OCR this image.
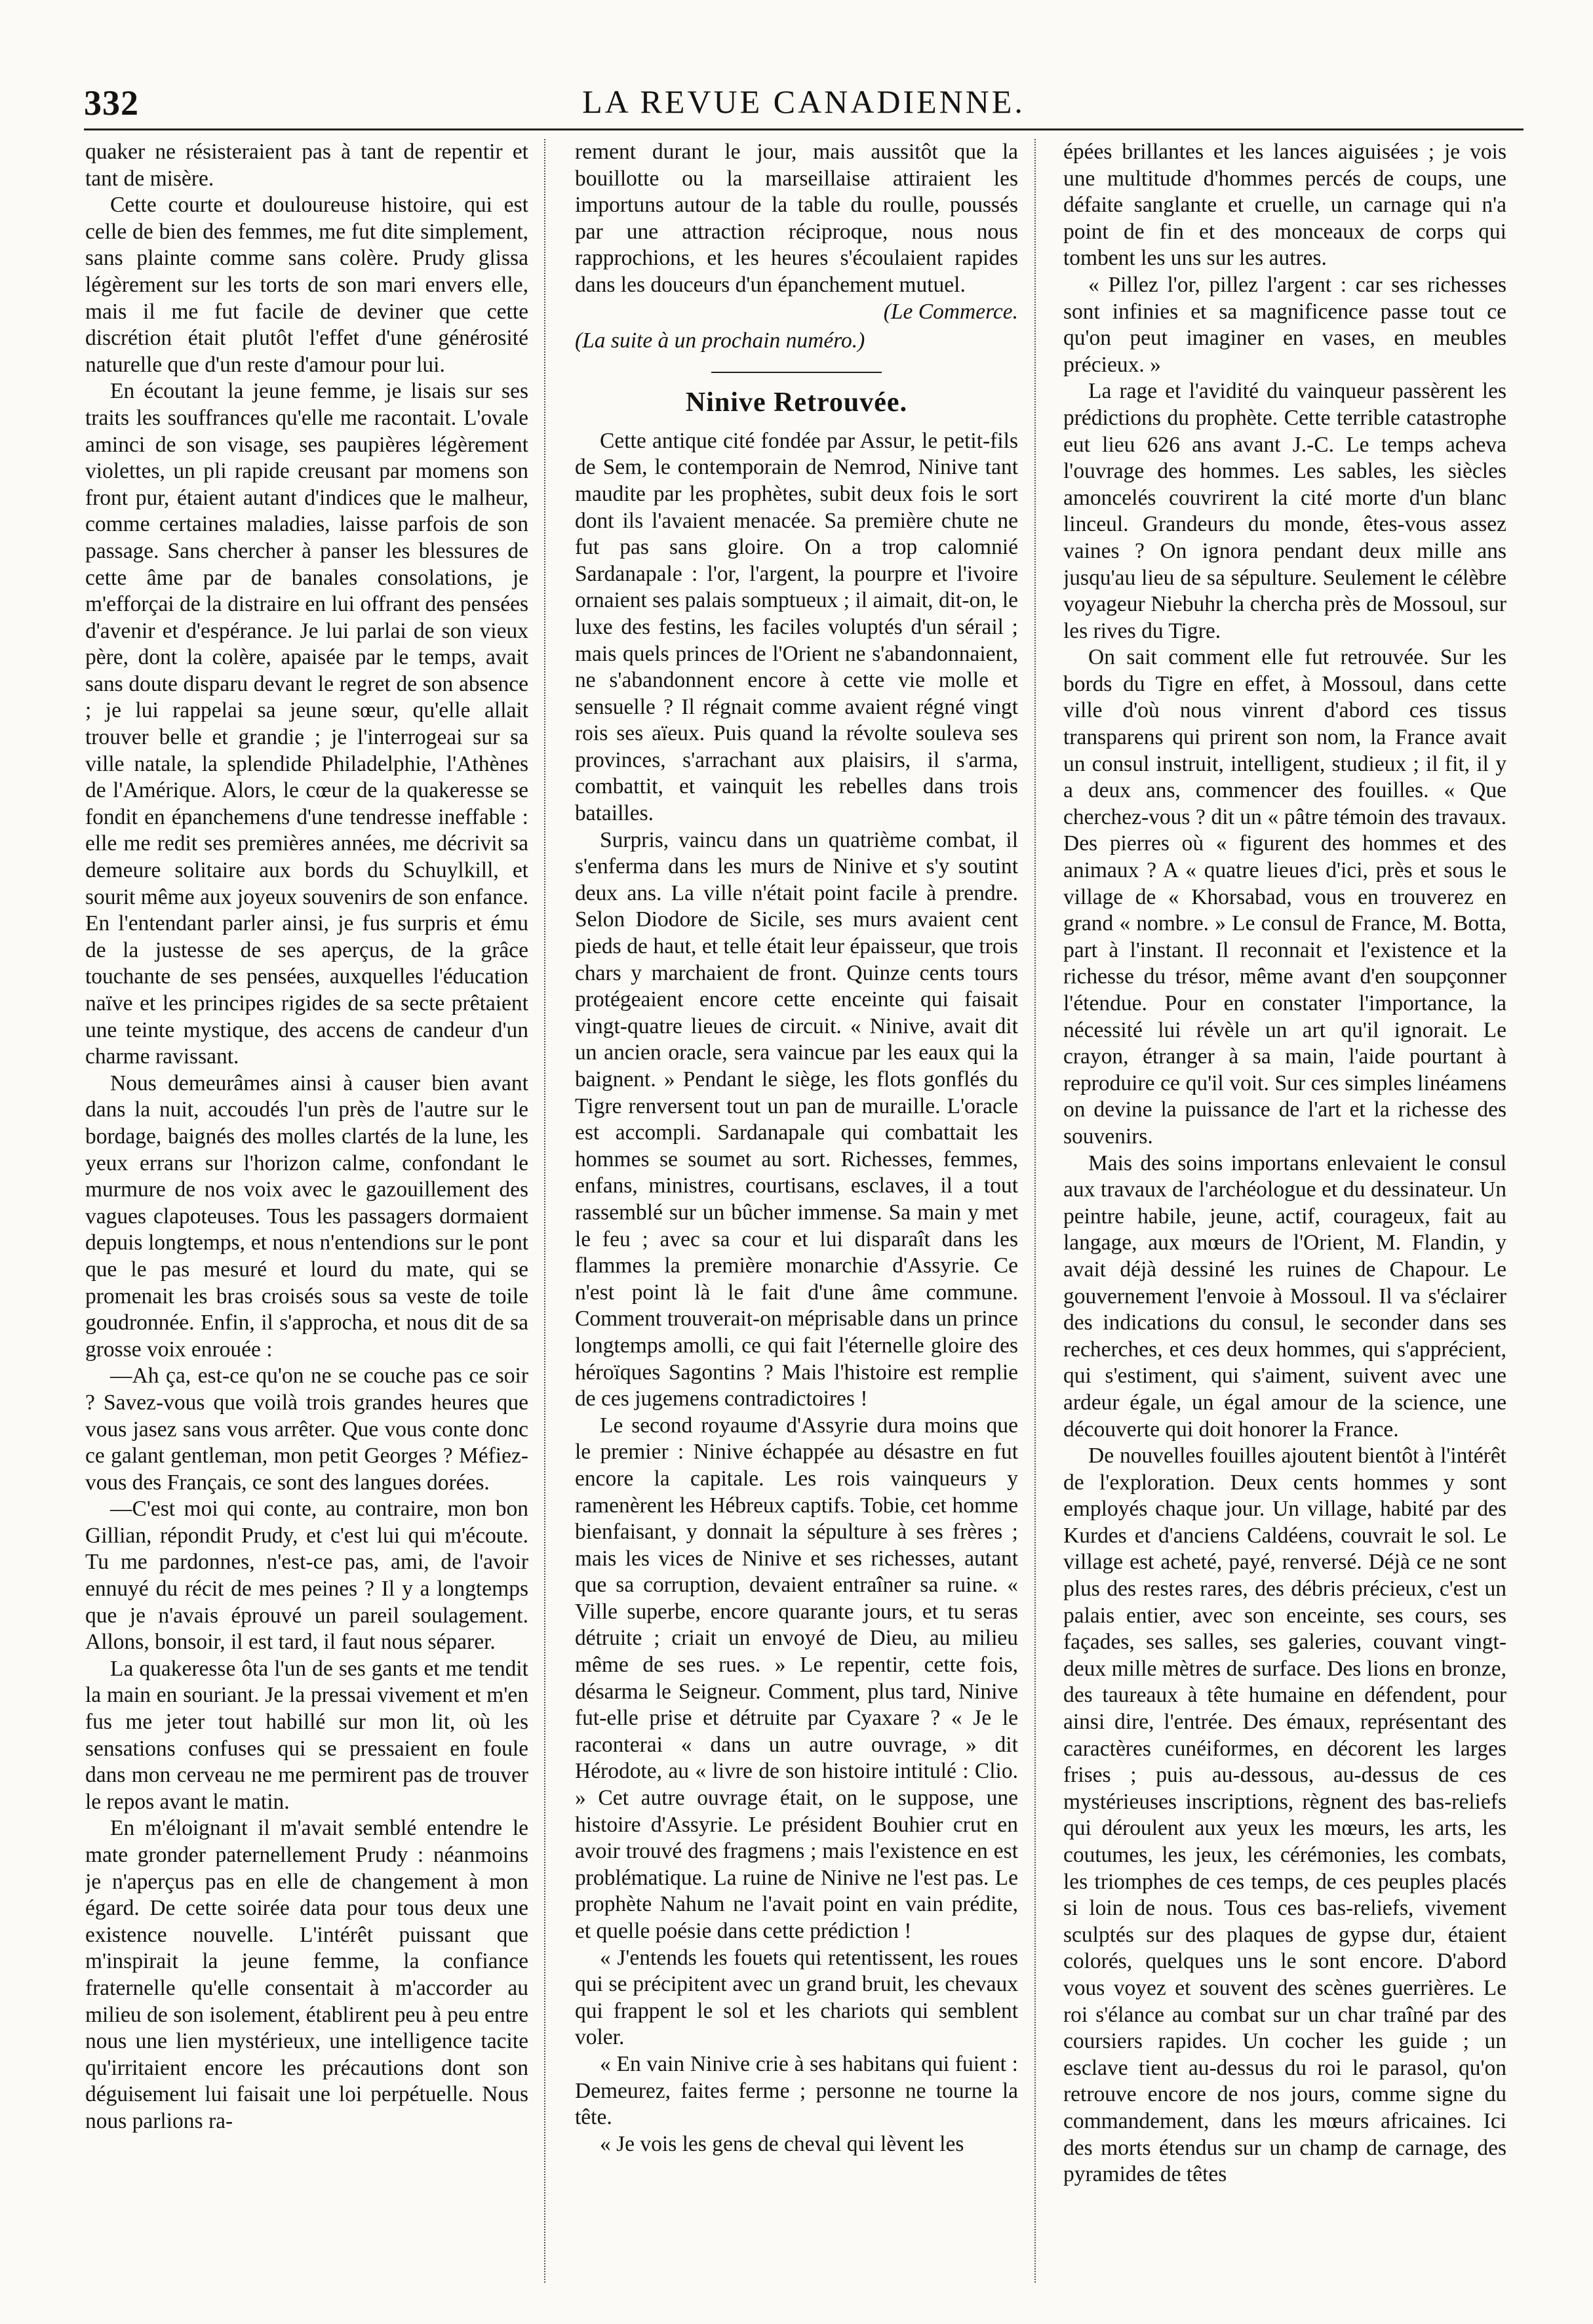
332	LA REVUE CANADIENNE.

quaker ne résisteraient pas à tant de repentir et tant de misère.

Cette courte et douloureuse histoire, qui est celle de bien des femmes, me fut dite simplement, sans plainte comme sans colère. Prudy glissa légèrement sur les torts de son mari envers elle, mais il me fut facile de deviner que cette discrétion était plutôt l'effet d'une générosité naturelle que d'un reste d'amour pour lui.

En écoutant la jeune femme, je lisais sur ses traits les souffrances qu'elle me racontait. L'ovale aminci de son visage, ses paupières légèrement violettes, un pli rapide creusant par momens son front pur, étaient autant d'indices que le malheur, comme certaines maladies, laisse parfois de son passage. Sans chercher à panser les blessures de cette âme par de banales consolations, je m'efforçai de la distraire en lui offrant des pensées d'avenir et d'espérance. Je lui parlai de son vieux père, dont la colère, apaisée par le temps, avait sans doute disparu devant le regret de son absence ; je lui rappelai sa jeune sœur, qu'elle allait trouver belle et grandie ; je l'interrogeai sur sa ville natale, la splendide Philadelphie, l'Athènes de l'Amérique. Alors, le cœur de la quakeresse se fondit en épanchemens d'une tendresse ineffable : elle me redit ses premières années, me décrivit sa demeure solitaire aux bords du Schuylkill, et sourit même aux joyeux souvenirs de son enfance. En l'entendant parler ainsi, je fus surpris et ému de la justesse de ses aperçus, de la grâce touchante de ses pensées, auxquelles l'éducation naïve et les principes rigides de sa secte prêtaient une teinte mystique, des accens de candeur d'un charme ravissant.

Nous demeurâmes ainsi à causer bien avant dans la nuit, accoudés l'un près de l'autre sur le bordage, baignés des molles clartés de la lune, les yeux errans sur l'horizon calme, confondant le murmure de nos voix avec le gazouillement des vagues clapoteuses. Tous les passagers dormaient depuis longtemps, et nous n'entendions sur le pont que le pas mesuré et lourd du mate, qui se promenait les bras croisés sous sa veste de toile goudronnée. Enfin, il s'approcha, et nous dit de sa grosse voix enrouée :

—Ah ça, est-ce qu'on ne se couche pas ce soir ? Savez-vous que voilà trois grandes heures que vous jasez sans vous arrêter. Que vous conte donc ce galant gentleman, mon petit Georges ? Méfiez-vous des Français, ce sont des langues dorées.

—C'est moi qui conte, au contraire, mon bon Gillian, répondit Prudy, et c'est lui qui m'écoute. Tu me pardonnes, n'est-ce pas, ami, de l'avoir ennuyé du récit de mes peines ? Il y a longtemps que je n'avais éprouvé un pareil soulagement. Allons, bonsoir, il est tard, il faut nous séparer.

La quakeresse ôta l'un de ses gants et me tendit la main en souriant. Je la pressai vivement et m'en fus me jeter tout habillé sur mon lit, où les sensations confuses qui se pressaient en foule dans mon cerveau ne me permirent pas de trouver le repos avant le matin.

En m'éloignant il m'avait semblé entendre le mate gronder paternellement Prudy : néanmoins je n'aperçus pas en elle de changement à mon égard. De cette soirée data pour tous deux une existence nouvelle. L'intérêt puissant que m'inspirait la jeune femme, la confiance fraternelle qu'elle consentait à m'accorder au milieu de son isolement, établirent peu à peu entre nous une lien mystérieux, une intelligence tacite qu'irritaient encore les précautions dont son déguisement lui faisait une loi perpétuelle. Nous nous parlions ra-

rement durant le jour, mais aussitôt que la bouillotte ou la marseillaise attiraient les importuns autour de la table du roulle, poussés par une attraction réciproque, nous nous rapprochions, et les heures s'écoulaient rapides dans les douceurs d'un épanchement mutuel.

(Le Commerce.

(La suite à un prochain numéro.)

Ninive Retrouvée.

Cette antique cité fondée par Assur, le petit-fils de Sem, le contemporain de Nemrod, Ninive tant maudite par les prophètes, subit deux fois le sort dont ils l'avaient menacée. Sa première chute ne fut pas sans gloire. On a trop calomnié Sardanapale : l'or, l'argent, la pourpre et l'ivoire ornaient ses palais somptueux ; il aimait, dit-on, le luxe des festins, les faciles voluptés d'un sérail ; mais quels princes de l'Orient ne s'abandonnaient, ne s'abandonnent encore à cette vie molle et sensuelle ? Il régnait comme avaient régné vingt rois ses aïeux. Puis quand la révolte souleva ses provinces, s'arrachant aux plaisirs, il s'arma, combattit, et vainquit les rebelles dans trois batailles.

Surpris, vaincu dans un quatrième combat, il s'enferma dans les murs de Ninive et s'y soutint deux ans. La ville n'était point facile à prendre. Selon Diodore de Sicile, ses murs avaient cent pieds de haut, et telle était leur épaisseur, que trois chars y marchaient de front. Quinze cents tours protégeaient encore cette enceinte qui faisait vingt-quatre lieues de circuit. « Ninive, avait dit un ancien oracle, sera vaincue par les eaux qui la baignent. » Pendant le siège, les flots gonflés du Tigre renversent tout un pan de muraille. L'oracle est accompli. Sardanapale qui combattait les hommes se soumet au sort. Richesses, femmes, enfans, ministres, courtisans, esclaves, il a tout rassemblé sur un bûcher immense. Sa main y met le feu ; avec sa cour et lui disparaît dans les flammes la première monarchie d'Assyrie. Ce n'est point là le fait d'une âme commune. Comment trouverait-on méprisable dans un prince longtemps amolli, ce qui fait l'éternelle gloire des héroïques Sagontins ? Mais l'histoire est remplie de ces jugemens contradictoires !

Le second royaume d'Assyrie dura moins que le premier : Ninive échappée au désastre en fut encore la capitale. Les rois vainqueurs y ramenèrent les Hébreux captifs. Tobie, cet homme bienfaisant, y donnait la sépulture à ses frères ; mais les vices de Ninive et ses richesses, autant que sa corruption, devaient entraîner sa ruine. « Ville superbe, encore quarante jours, et tu seras détruite ; criait un envoyé de Dieu, au milieu même de ses rues. » Le repentir, cette fois, désarma le Seigneur. Comment, plus tard, Ninive fut-elle prise et détruite par Cyaxare ? « Je le raconterai « dans un autre ouvrage, » dit Hérodote, au « livre de son histoire intitulé : Clio. » Cet autre ouvrage était, on le suppose, une histoire d'Assyrie. Le président Bouhier crut en avoir trouvé des fragmens ; mais l'existence en est problématique. La ruine de Ninive ne l'est pas. Le prophète Nahum ne l'avait point en vain prédite, et quelle poésie dans cette prédiction !

« J'entends les fouets qui retentissent, les roues qui se précipitent avec un grand bruit, les chevaux qui frappent le sol et les chariots qui semblent voler.

« En vain Ninive crie à ses habitans qui fuient : Demeurez, faites ferme ; personne ne tourne la tête.

« Je vois les gens de cheval qui lèvent les

épées brillantes et les lances aiguisées ; je vois une multitude d'hommes percés de coups, une défaite sanglante et cruelle, un carnage qui n'a point de fin et des monceaux de corps qui tombent les uns sur les autres.

« Pillez l'or, pillez l'argent : car ses richesses sont infinies et sa magnificence passe tout ce qu'on peut imaginer en vases, en meubles précieux. »

La rage et l'avidité du vainqueur passèrent les prédictions du prophète. Cette terrible catastrophe eut lieu 626 ans avant J.-C. Le temps acheva l'ouvrage des hommes. Les sables, les siècles amoncelés couvrirent la cité morte d'un blanc linceul. Grandeurs du monde, êtes-vous assez vaines ? On ignora pendant deux mille ans jusqu'au lieu de sa sépulture. Seulement le célèbre voyageur Niebuhr la chercha près de Mossoul, sur les rives du Tigre.

On sait comment elle fut retrouvée. Sur les bords du Tigre en effet, à Mossoul, dans cette ville d'où nous vinrent d'abord ces tissus transparens qui prirent son nom, la France avait un consul instruit, intelligent, studieux ; il fit, il y a deux ans, commencer des fouilles. « Que cherchez-vous ? dit un « pâtre témoin des travaux. Des pierres où « figurent des hommes et des animaux ? A « quatre lieues d'ici, près et sous le village de « Khorsabad, vous en trouverez en grand « nombre. » Le consul de France, M. Botta, part à l'instant. Il reconnait et l'existence et la richesse du trésor, même avant d'en soupçonner l'étendue. Pour en constater l'importance, la nécessité lui révèle un art qu'il ignorait. Le crayon, étranger à sa main, l'aide pourtant à reproduire ce qu'il voit. Sur ces simples linéamens on devine la puissance de l'art et la richesse des souvenirs.

Mais des soins importans enlevaient le consul aux travaux de l'archéologue et du dessinateur. Un peintre habile, jeune, actif, courageux, fait au langage, aux mœurs de l'Orient, M. Flandin, y avait déjà dessiné les ruines de Chapour. Le gouvernement l'envoie à Mossoul. Il va s'éclairer des indications du consul, le seconder dans ses recherches, et ces deux hommes, qui s'apprécient, qui s'estiment, qui s'aiment, suivent avec une ardeur égale, un égal amour de la science, une découverte qui doit honorer la France.

De nouvelles fouilles ajoutent bientôt à l'intérêt de l'exploration. Deux cents hommes y sont employés chaque jour. Un village, habité par des Kurdes et d'anciens Caldéens, couvrait le sol. Le village est acheté, payé, renversé. Déjà ce ne sont plus des restes rares, des débris précieux, c'est un palais entier, avec son enceinte, ses cours, ses façades, ses salles, ses galeries, couvant vingt-deux mille mètres de surface. Des lions en bronze, des taureaux à tête humaine en défendent, pour ainsi dire, l'entrée. Des émaux, représentant des caractères cunéiformes, en décorent les larges frises ; puis au-dessous, au-dessus de ces mystérieuses inscriptions, règnent des bas-reliefs qui déroulent aux yeux les mœurs, les arts, les coutumes, les jeux, les cérémonies, les combats, les triomphes de ces temps, de ces peuples placés si loin de nous. Tous ces bas-reliefs, vivement sculptés sur des plaques de gypse dur, étaient colorés, quelques uns le sont encore. D'abord vous voyez et souvent des scènes guerrières. Le roi s'élance au combat sur un char traîné par des coursiers rapides. Un cocher les guide ; un esclave tient au-dessus du roi le parasol, qu'on retrouve encore de nos jours, comme signe du commandement, dans les mœurs africaines. Ici des morts étendus sur un champ de carnage, des pyramides de têtes
